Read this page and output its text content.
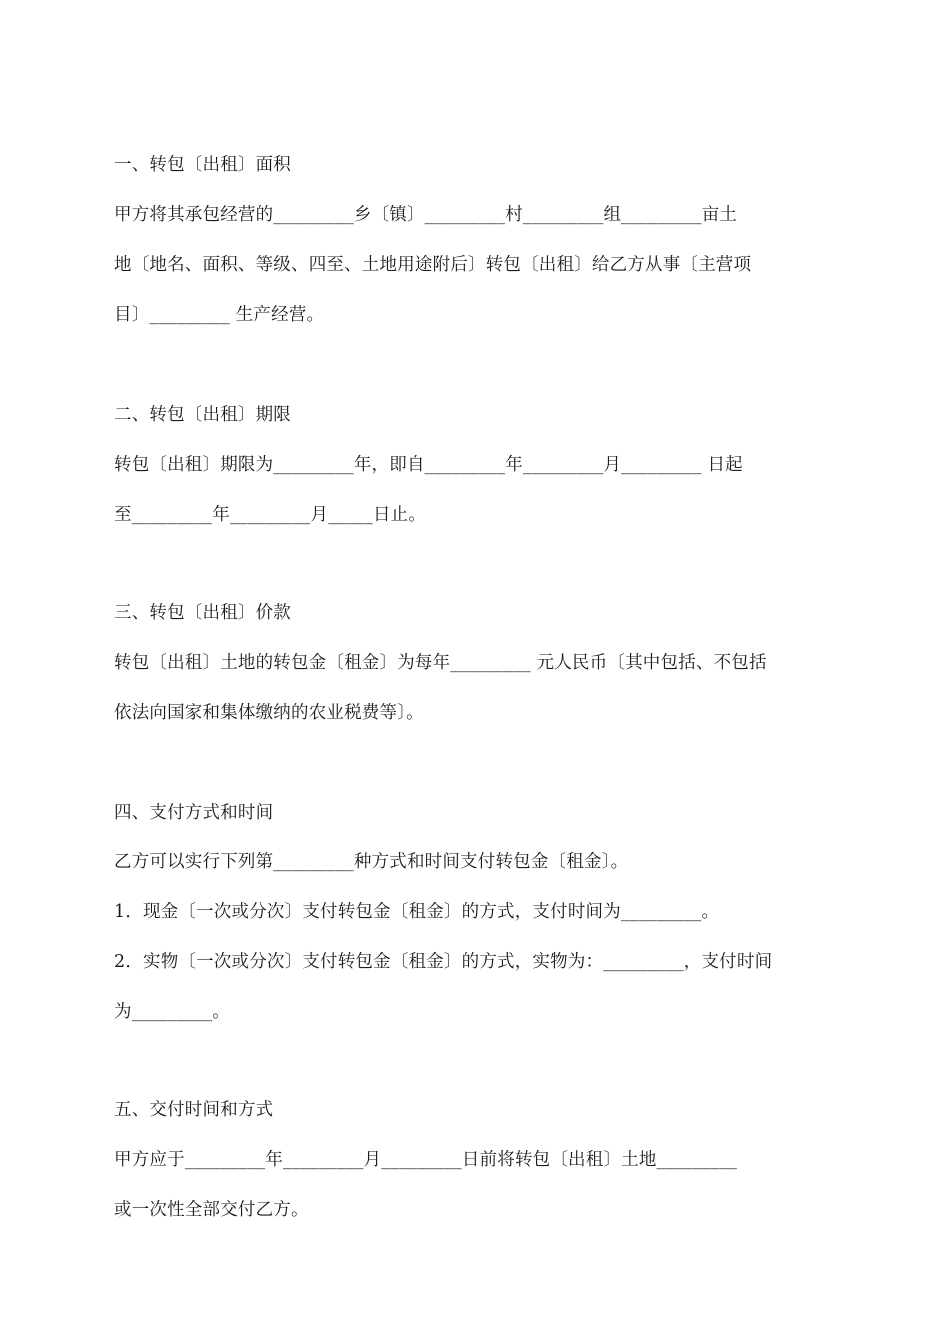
一、转包〔出租〕面积
甲方将其承包经营的_________乡〔镇〕_________村_________组_________亩土
地〔地名、面积、等级、四至、土地用途附后〕转包〔出租〕给乙方从事〔主营项
目〕_________ 生产经营。
二、转包〔出租〕期限
转包〔出租〕期限为_________年，即自_________年_________月_________ 日起
至_________年_________月_____日止。
三、转包〔出租〕价款
转包〔出租〕土地的转包金〔租金〕为每年_________ 元人民币〔其中包括、不包括
依法向国家和集体缴纳的农业税费等〕。
四、支付方式和时间
乙方可以实行下列第_________种方式和时间支付转包金〔租金〕。
1．现金〔一次或分次〕支付转包金〔租金〕的方式，支付时间为_________。
2．实物〔一次或分次〕支付转包金〔租金〕的方式，实物为：_________，支付时间
为_________。
五、交付时间和方式
甲方应于_________年_________月_________日前将转包〔出租〕土地_________
或一次性全部交付乙方。
